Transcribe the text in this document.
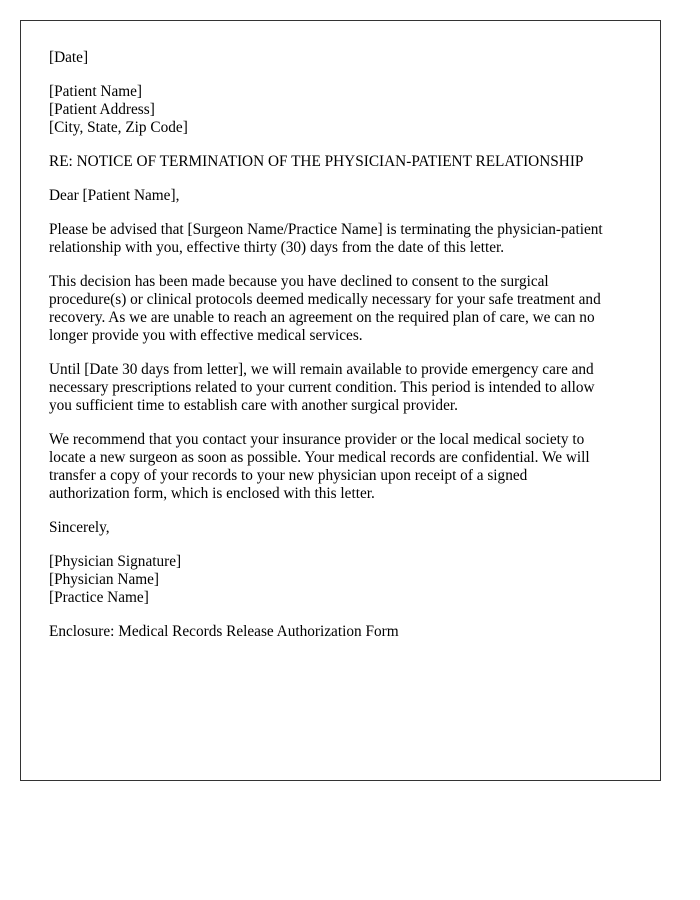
[Date]

[Patient Name]
[Patient Address]
[City, State, Zip Code]

RE: NOTICE OF TERMINATION OF THE PHYSICIAN-PATIENT RELATIONSHIP

Dear [Patient Name],

Please be advised that [Surgeon Name/Practice Name] is terminating the physician-patient
relationship with you, effective thirty (30) days from the date of this letter.

This decision has been made because you have declined to consent to the surgical
procedure(s) or clinical protocols deemed medically necessary for your safe treatment and
recovery. As we are unable to reach an agreement on the required plan of care, we can no
longer provide you with effective medical services.

Until [Date 30 days from letter], we will remain available to provide emergency care and
necessary prescriptions related to your current condition. This period is intended to allow
you sufficient time to establish care with another surgical provider.

We recommend that you contact your insurance provider or the local medical society to
locate a new surgeon as soon as possible. Your medical records are confidential. We will
transfer a copy of your records to your new physician upon receipt of a signed
authorization form, which is enclosed with this letter.

Sincerely,

[Physician Signature]
[Physician Name]
[Practice Name]

Enclosure: Medical Records Release Authorization Form
